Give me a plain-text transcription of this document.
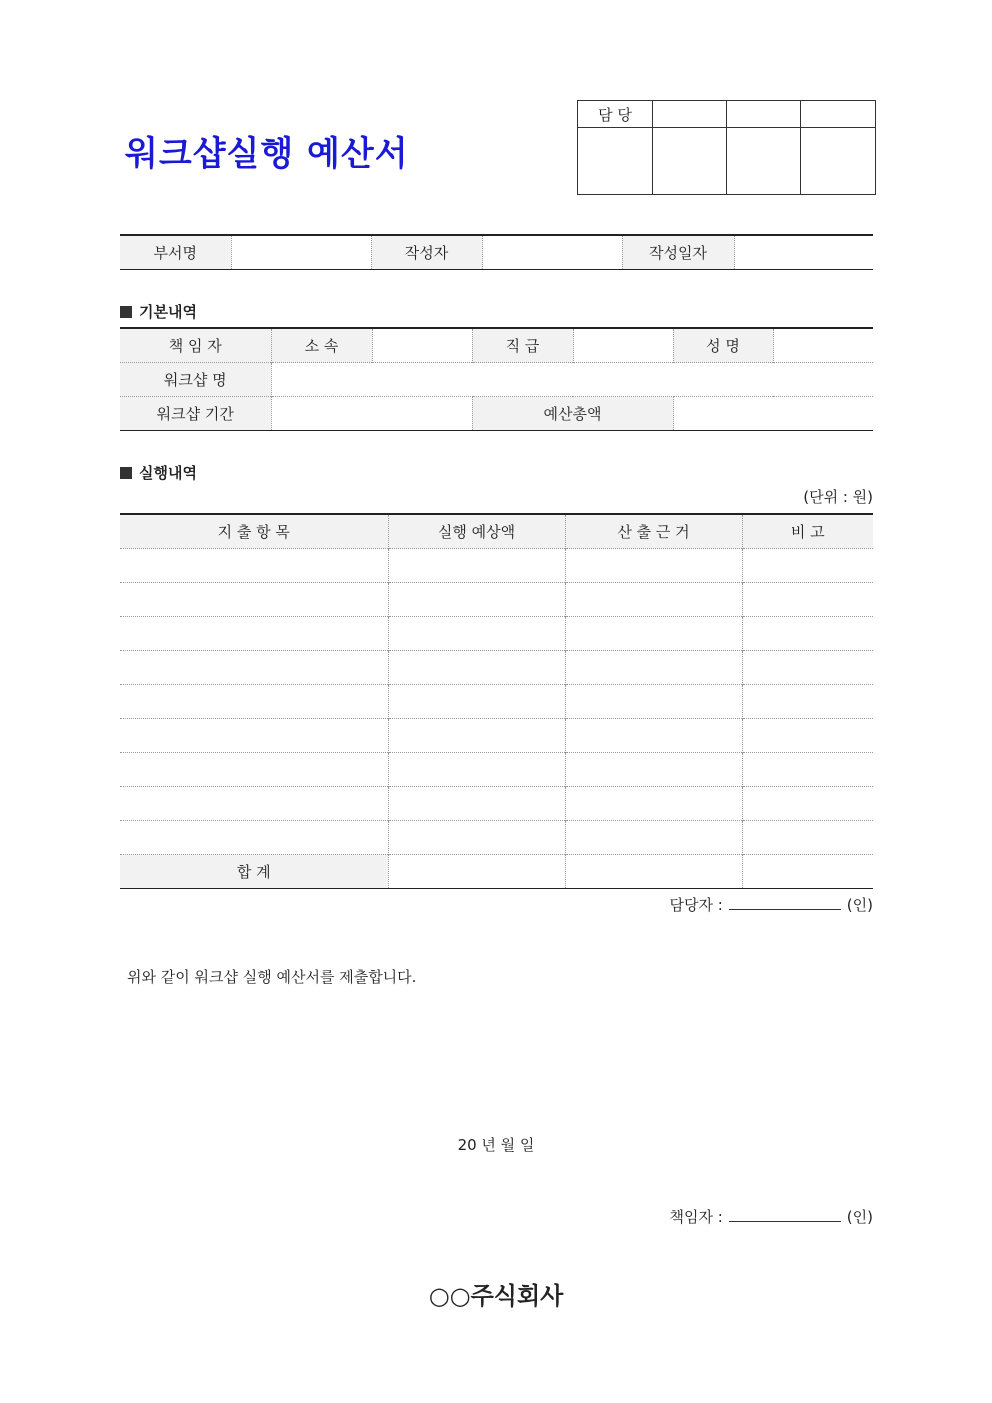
워크샵실행 예산서
담 당			

부서명		작성자		작성일자	
기본내역
책 임 자	소 속		직 급		성 명	
워크샵 명						
워크샵 기간			예산총액			
실행내역
(단위 : 원)
지 출 항 목	실행 예상액	산 출 근 거	비 고

합 계			
담당자 :	(인)
위와 같이 워크샵 실행 예산서를 제출합니다.
20 년 월 일
책임자 :	(인)
○○주식회사
